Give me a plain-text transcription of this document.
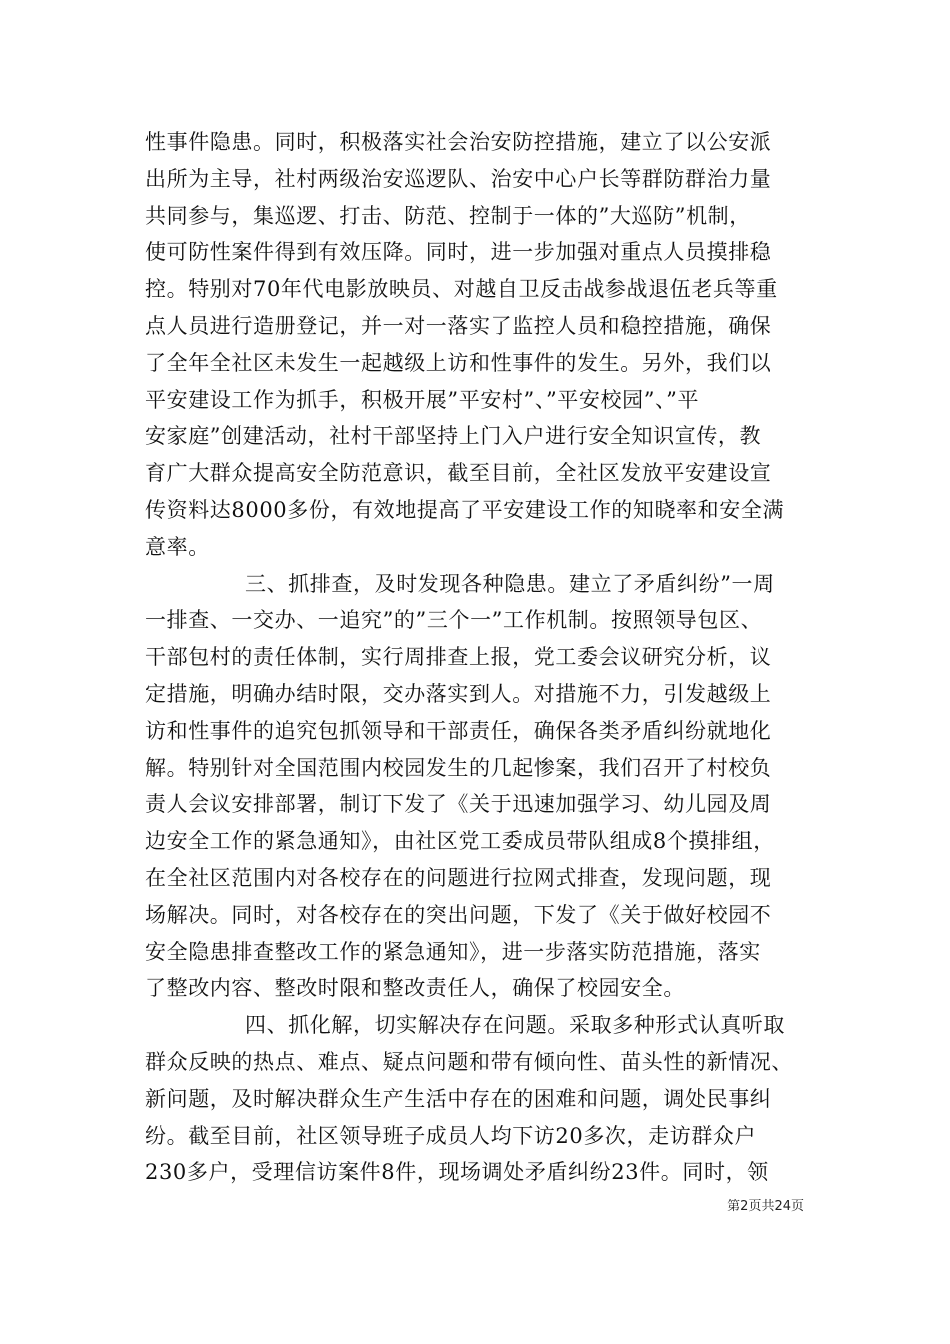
性事件隐患。同时，积极落实社会治安防控措施，建立了以公安派
出所为主导，社村两级治安巡逻队、治安中心户长等群防群治力量
共同参与，集巡逻、打击、防范、控制于一体的”大巡防”机制，
使可防性案件得到有效压降。同时，进一步加强对重点人员摸排稳
控。特别对70年代电影放映员、对越自卫反击战参战退伍老兵等重
点人员进行造册登记，并一对一落实了监控人员和稳控措施，确保
了全年全社区未发生一起越级上访和性事件的发生。另外，我们以
平安建设工作为抓手，积极开展”平安村”、”平安校园”、”平
安家庭”创建活动，社村干部坚持上门入户进行安全知识宣传，教
育广大群众提高安全防范意识，截至目前，全社区发放平安建设宣
传资料达8000多份，有效地提高了平安建设工作的知晓率和安全满
意率。
三、抓排查，及时发现各种隐患。建立了矛盾纠纷”一周
一排查、一交办、一追究”的”三个一”工作机制。按照领导包区、
干部包村的责任体制，实行周排查上报，党工委会议研究分析，议
定措施，明确办结时限，交办落实到人。对措施不力，引发越级上
访和性事件的追究包抓领导和干部责任，确保各类矛盾纠纷就地化
解。特别针对全国范围内校园发生的几起惨案，我们召开了村校负
责人会议安排部署，制订下发了《关于迅速加强学习、幼儿园及周
边安全工作的紧急通知》，由社区党工委成员带队组成8个摸排组，
在全社区范围内对各校存在的问题进行拉网式排查，发现问题，现
场解决。同时，对各校存在的突出问题，下发了《关于做好校园不
安全隐患排查整改工作的紧急通知》，进一步落实防范措施，落实
了整改内容、整改时限和整改责任人，确保了校园安全。
四、抓化解，切实解决存在问题。采取多种形式认真听取
群众反映的热点、难点、疑点问题和带有倾向性、苗头性的新情况、
新问题，及时解决群众生产生活中存在的困难和问题，调处民事纠
纷。截至目前，社区领导班子成员人均下访20多次，走访群众户
230多户，受理信访案件8件，现场调处矛盾纠纷23件。同时，领
第2页共24页
